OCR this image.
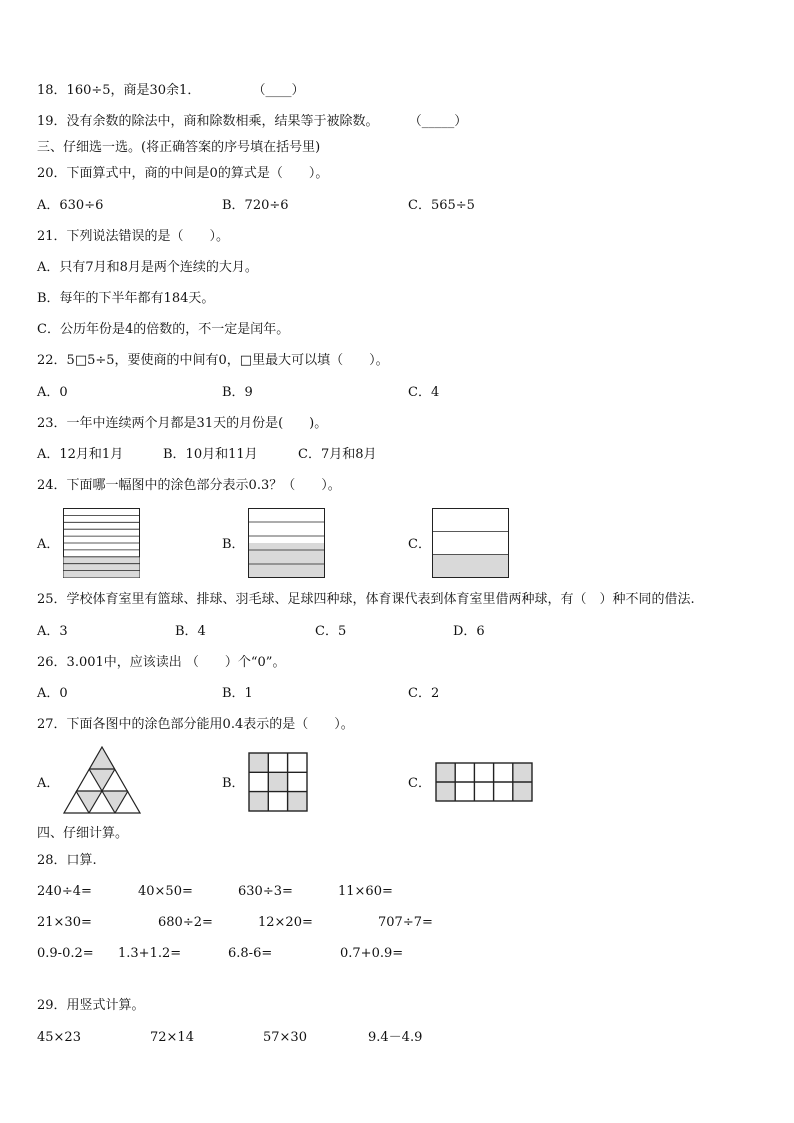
18．160÷5，商是30余1．	（____）
19．没有余数的除法中，商和除数相乘，结果等于被除数。 （_____）
三、仔细选一选。(将正确答案的序号填在括号里)
20．下面算式中，商的中间是0的算式是（　　）。
A．630÷6	B．720÷6	C．565÷5
21．下列说法错误的是（　　）。
A．只有7月和8月是两个连续的大月。
B．每年的下半年都有184天。
C．公历年份是4的倍数的，不一定是闰年。
22．5□5÷5，要使商的中间有0，□里最大可以填（　　）。
A．0	B．9	C．4
23．一年中连续两个月都是31天的月份是(　　)。
A．12月和1月	B．10月和11月	C．7月和8月
24．下面哪一幅图中的涂色部分表示0.3？（　　）。
A．	B．	C．
25．学校体育室里有篮球、排球、羽毛球、足球四种球，体育课代表到体育室里借两种球，有（　）种不同的借法.
A．3	B．4	C．5	D．6
26．3.001中，应该读出 （　　）个“0”。
A．0	B．1	C．2
27．下面各图中的涂色部分能用0.4表示的是（　　）。
A．	B．	C．
四、仔细计算。
28．口算.
240÷4=	40×50=	630÷3=	11×60=
21×30=	680÷2=	12×20=	707÷7=
0.9-0.2= 1.3+1.2=	6.8-6=	0.7+0.9=
29．用竖式计算。
45×23	72×14	57×30	9.4－4.9
